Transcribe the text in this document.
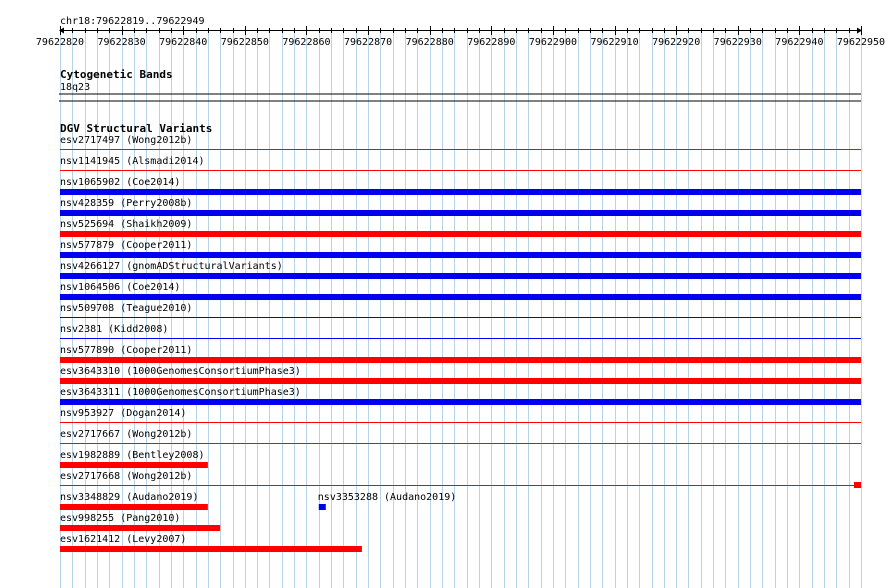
chr18:79622819..79622949
79622820 79622830 79622840 79622850 79622860 79622870 79622880 79622890 79622900 79622910 79622920 79622930 79622940 79622950
Cytogenetic Bands
18q23
DGV Structural Variants
esv2717497 (Wong2012b)
nsv1141945 (Alsmadi2014)
nsv1065902 (Coe2014)
nsv428359 (Perry2008b)
nsv525694 (Shaikh2009)
nsv577879 (Cooper2011)
nsv4266127 (gnomADStructuralVariants)
nsv1064506 (Coe2014)
nsv509708 (Teague2010)
nsv2381 (Kidd2008)
nsv577890 (Cooper2011)
esv3643310 (1000GenomesConsortiumPhase3)
esv3643311 (1000GenomesConsortiumPhase3)
nsv953927 (Dogan2014)
esv2717667 (Wong2012b)
esv1982889 (Bentley2008)
esv2717668 (Wong2012b)
nsv3348829 (Audano2019)	nsv3353288 (Audano2019)
esv998255 (Pang2010)
esv1621412 (Levy2007)
